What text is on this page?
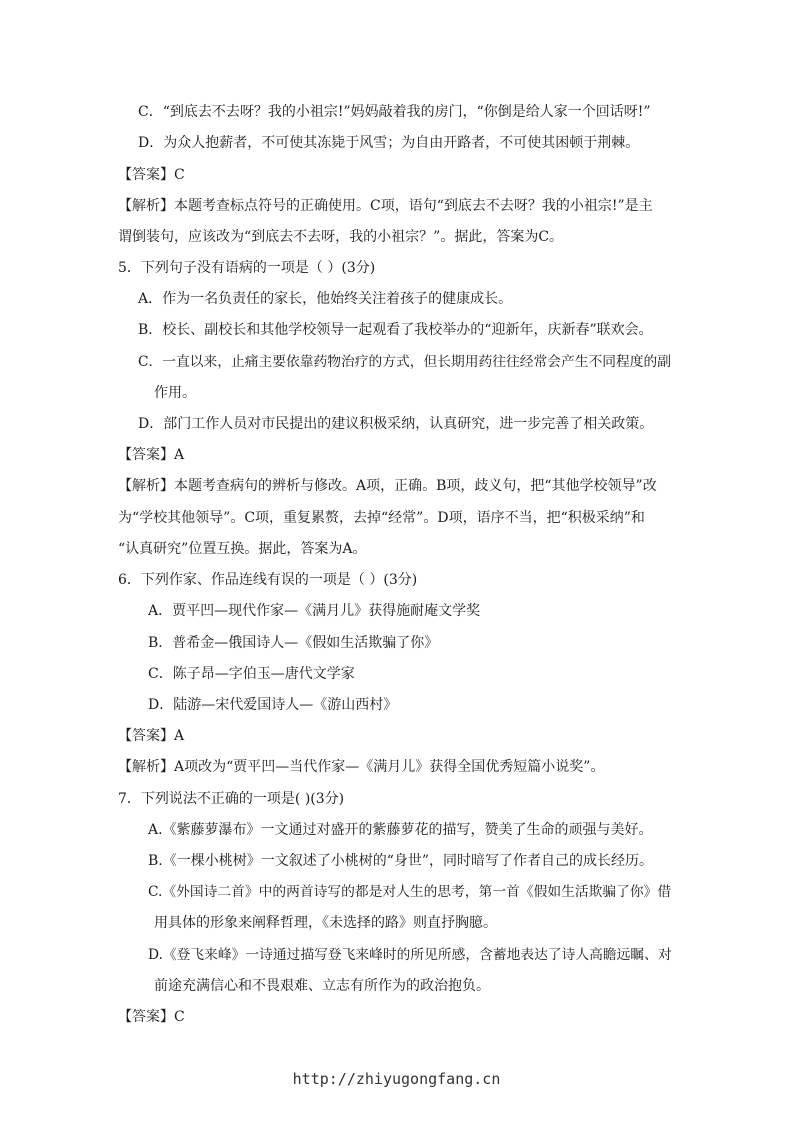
C．“到底去不去呀？我的小祖宗!”妈妈敲着我的房门，“你倒是给人家一个回话呀!”
D．为众人抱薪者，不可使其冻毙于风雪；为自由开路者，不可使其困顿于荆棘。
【答案】C
【解析】本题考查标点符号的正确使用。C项，语句“到底去不去呀？我的小祖宗!”是主
谓倒装句，应该改为“到底去不去呀，我的小祖宗？”。据此，答案为C。
5．下列句子没有语病的一项是（ ）(3分)
A．作为一名负责任的家长，他始终关注着孩子的健康成长。
B．校长、副校长和其他学校领导一起观看了我校举办的“迎新年，庆新春”联欢会。
C．一直以来，止痛主要依靠药物治疗的方式，但长期用药往往经常会产生不同程度的副
作用。
D．部门工作人员对市民提出的建议积极采纳，认真研究，进一步完善了相关政策。
【答案】A
【解析】本题考查病句的辨析与修改。A项，正确。B项，歧义句，把“其他学校领导”改
为“学校其他领导”。C项，重复累赘，去掉“经常”。D项，语序不当，把“积极采纳”和
“认真研究”位置互换。据此，答案为A。
6．下列作家、作品连线有误的一项是（ ）(3分)
A．贾平凹—现代作家—《满月儿》获得施耐庵文学奖
B．普希金—俄国诗人—《假如生活欺骗了你》
C．陈子昂—字伯玉—唐代文学家
D．陆游—宋代爱国诗人—《游山西村》
【答案】A
【解析】A项改为“贾平凹—当代作家—《满月儿》获得全国优秀短篇小说奖”。
7．下列说法不正确的一项是( )(3分)
A.《紫藤萝瀑布》一文通过对盛开的紫藤萝花的描写，赞美了生命的顽强与美好。
B.《一棵小桃树》一文叙述了小桃树的“身世”，同时暗写了作者自己的成长经历。
C.《外国诗二首》中的两首诗写的都是对人生的思考，第一首《假如生活欺骗了你》借
用具体的形象来阐释哲理，《未选择的路》则直抒胸臆。
D.《登飞来峰》一诗通过描写登飞来峰时的所见所感，含蓄地表达了诗人高瞻远瞩、对
前途充满信心和不畏艰难、立志有所作为的政治抱负。
【答案】C
http://zhiyugongfang.cn
